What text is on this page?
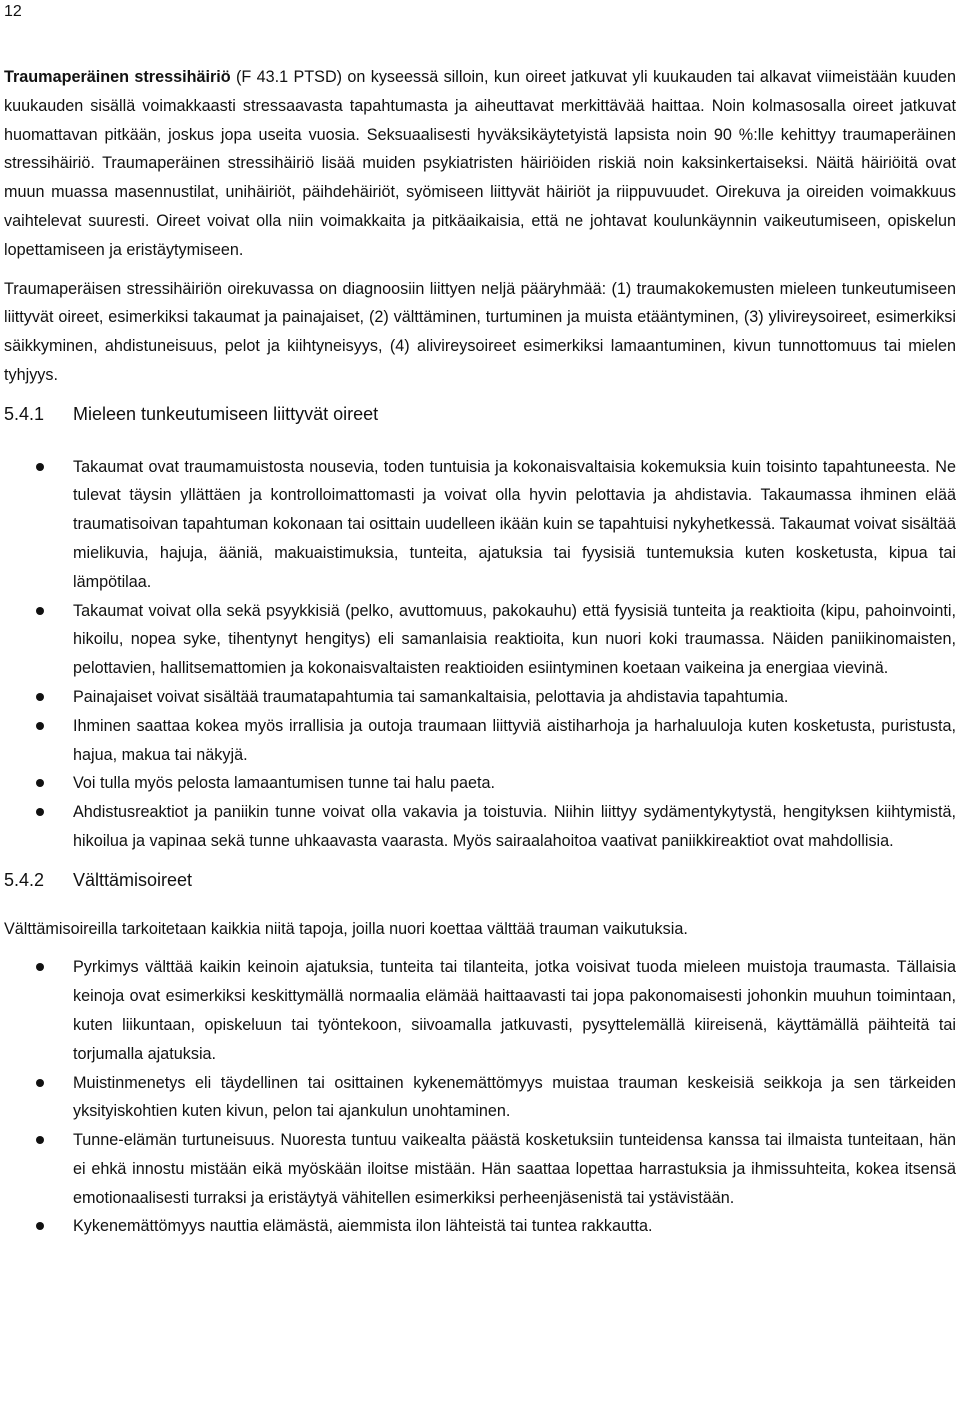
12

Traumaperäinen stressihäiriö (F 43.1 PTSD) on kyseessä silloin, kun oireet jatkuvat yli kuukauden tai alkavat viimeistään kuuden kuukauden sisällä voimakkaasti stressaavasta tapahtumasta ja aiheuttavat merkittävää haittaa. Noin kolmasosalla oireet jatkuvat huomattavan pitkään, joskus jopa useita vuosia. Seksuaalisesti hyväksikäytetyistä lapsista noin 90 %:lle kehittyy traumaperäinen stressihäiriö. Traumaperäinen stressihäiriö lisää muiden psykiatristen häiriöiden riskiä noin kaksinkertaiseksi. Näitä häiriöitä ovat muun muassa masennustilat, unihäiriöt, päihdehäiriöt, syömiseen liittyvät häiriöt ja riippuvuudet. Oirekuva ja oireiden voimakkuus vaihtelevat suuresti. Oireet voivat olla niin voimakkaita ja pitkäaikaisia, että ne johtavat koulunkäynnin vaikeutumiseen, opiskelun lopettamiseen ja eristäytymiseen.

Traumaperäisen stressihäiriön oirekuvassa on diagnoosiin liittyen neljä pääryhmää: (1) traumakokemusten mieleen tunkeutumiseen liittyvät oireet, esimerkiksi takaumat ja painajaiset, (2) välttäminen, turtuminen ja muista etääntyminen, (3) ylivireysoireet, esimerkiksi säikkyminen, ahdistuneisuus, pelot ja kiihtyneisyys, (4) alivireysoireet esimerkiksi lamaantuminen, kivun tunnottomuus tai mielen tyhjyys.

5.4.1	Mieleen tunkeutumiseen liittyvät oireet
Takaumat ovat traumamuistosta nousevia, toden tuntuisia ja kokonaisvaltaisia kokemuksia kuin toisinto tapahtuneesta. Ne tulevat täysin yllättäen ja kontrolloimattomasti ja voivat olla hyvin pelottavia ja ahdistavia. Takaumassa ihminen elää traumatisoivan tapahtuman kokonaan tai osittain uudelleen ikään kuin se tapahtuisi nykyhetkessä. Takaumat voivat sisältää mielikuvia, hajuja, ääniä, makuaistimuksia, tunteita, ajatuksia tai fyysisiä tuntemuksia kuten kosketusta, kipua tai lämpötilaa.
Takaumat voivat olla sekä psyykkisiä (pelko, avuttomuus, pakokauhu) että fyysisiä tunteita ja reaktioita (kipu, pahoinvointi, hikoilu, nopea syke, tihentynyt hengitys) eli samanlaisia reaktioita, kun nuori koki traumassa. Näiden paniikinomaisten, pelottavien, hallitsemattomien ja kokonaisvaltaisten reaktioiden esiintyminen koetaan vaikeina ja energiaa vievinä.
Painajaiset voivat sisältää traumatapahtumia tai samankaltaisia, pelottavia ja ahdistavia tapahtumia.
Ihminen saattaa kokea myös irrallisia ja outoja traumaan liittyviä aistiharhoja ja harhaluuloja kuten kosketusta, puristusta, hajua, makua tai näkyjä.
Voi tulla myös pelosta lamaantumisen tunne tai halu paeta.
Ahdistusreaktiot ja paniikin tunne voivat olla vakavia ja toistuvia. Niihin liittyy sydämentykytystä, hengityksen kiihtymistä, hikoilua ja vapinaa sekä tunne uhkaavasta vaarasta. Myös sairaalahoitoa vaativat paniikkireaktiot ovat mahdollisia.
5.4.2	Välttämisoireet

Välttämisoireilla tarkoitetaan kaikkia niitä tapoja, joilla nuori koettaa välttää trauman vaikutuksia.

Pyrkimys välttää kaikin keinoin ajatuksia, tunteita tai tilanteita, jotka voisivat tuoda mieleen muistoja traumasta. Tällaisia keinoja ovat esimerkiksi keskittymällä normaalia elämää haittaavasti tai jopa pakonomaisesti johonkin muuhun toimintaan, kuten liikuntaan, opiskeluun tai työntekoon, siivoamalla jatkuvasti, pysyttelemällä kiireisenä, käyttämällä päihteitä tai torjumalla ajatuksia.
Muistinmenetys eli täydellinen tai osittainen kykenemättömyys muistaa trauman keskeisiä seikkoja ja sen tärkeiden yksityiskohtien kuten kivun, pelon tai ajankulun unohtaminen.
Tunne-elämän turtuneisuus. Nuoresta tuntuu vaikealta päästä kosketuksiin tunteidensa kanssa tai ilmaista tunteitaan, hän ei ehkä innostu mistään eikä myöskään iloitse mistään. Hän saattaa lopettaa harrastuksia ja ihmissuhteita, kokea itsensä emotionaalisesti turraksi ja eristäytyä vähitellen esimerkiksi perheenjäsenistä tai ystävistään.
Kykenemättömyys nauttia elämästä, aiemmista ilon lähteistä tai tuntea rakkautta.
